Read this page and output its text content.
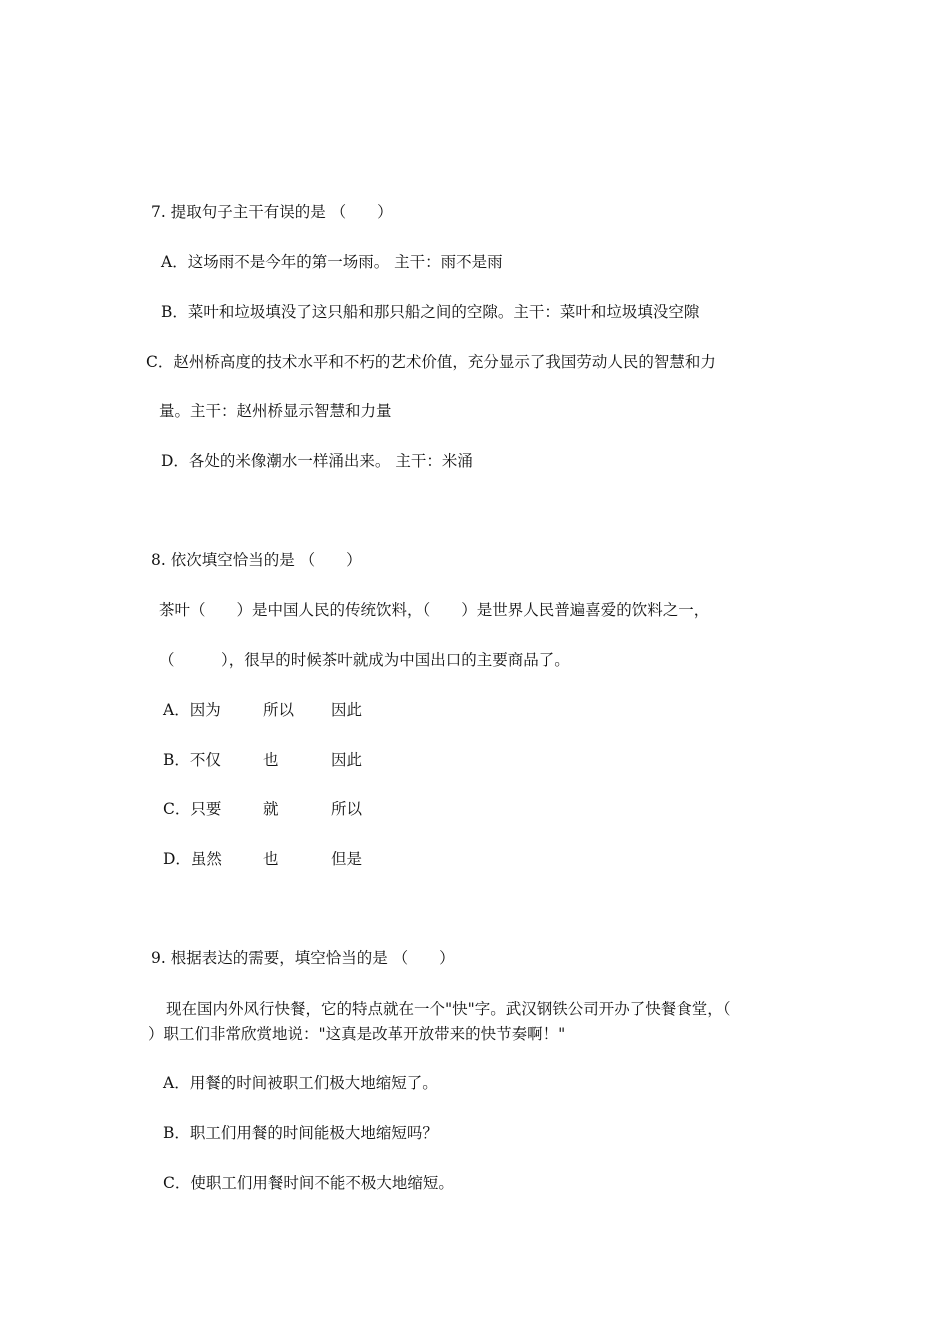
7. 提取句子主干有误的是 （　　）
A．这场雨不是今年的第一场雨。 主干：雨不是雨
B．菜叶和垃圾填没了这只船和那只船之间的空隙。主干：菜叶和垃圾填没空隙
C．赵州桥高度的技术水平和不朽的艺术价值，充分显示了我国劳动人民的智慧和力
量。主干：赵州桥显示智慧和力量
D．各处的米像潮水一样涌出来。 主干：米涌
8. 依次填空恰当的是 （　　）
茶叶（　　）是中国人民的传统饮料，（　　）是世界人民普遍喜爱的饮料之一，
（　　　），很早的时候茶叶就成为中国出口的主要商品了。
A．因为	所以 因此
B．不仅	也	因此
C．只要	就	所以
D．虽然	也	但是
9. 根据表达的需要，填空恰当的是 （　　）
现在国内外风行快餐，它的特点就在一个"快"字。武汉钢铁公司开办了快餐食堂，（
）职工们非常欣赏地说："这真是改革开放带来的快节奏啊！"
A．用餐的时间被职工们极大地缩短了。
B．职工们用餐的时间能极大地缩短吗？
C．使职工们用餐时间不能不极大地缩短。
